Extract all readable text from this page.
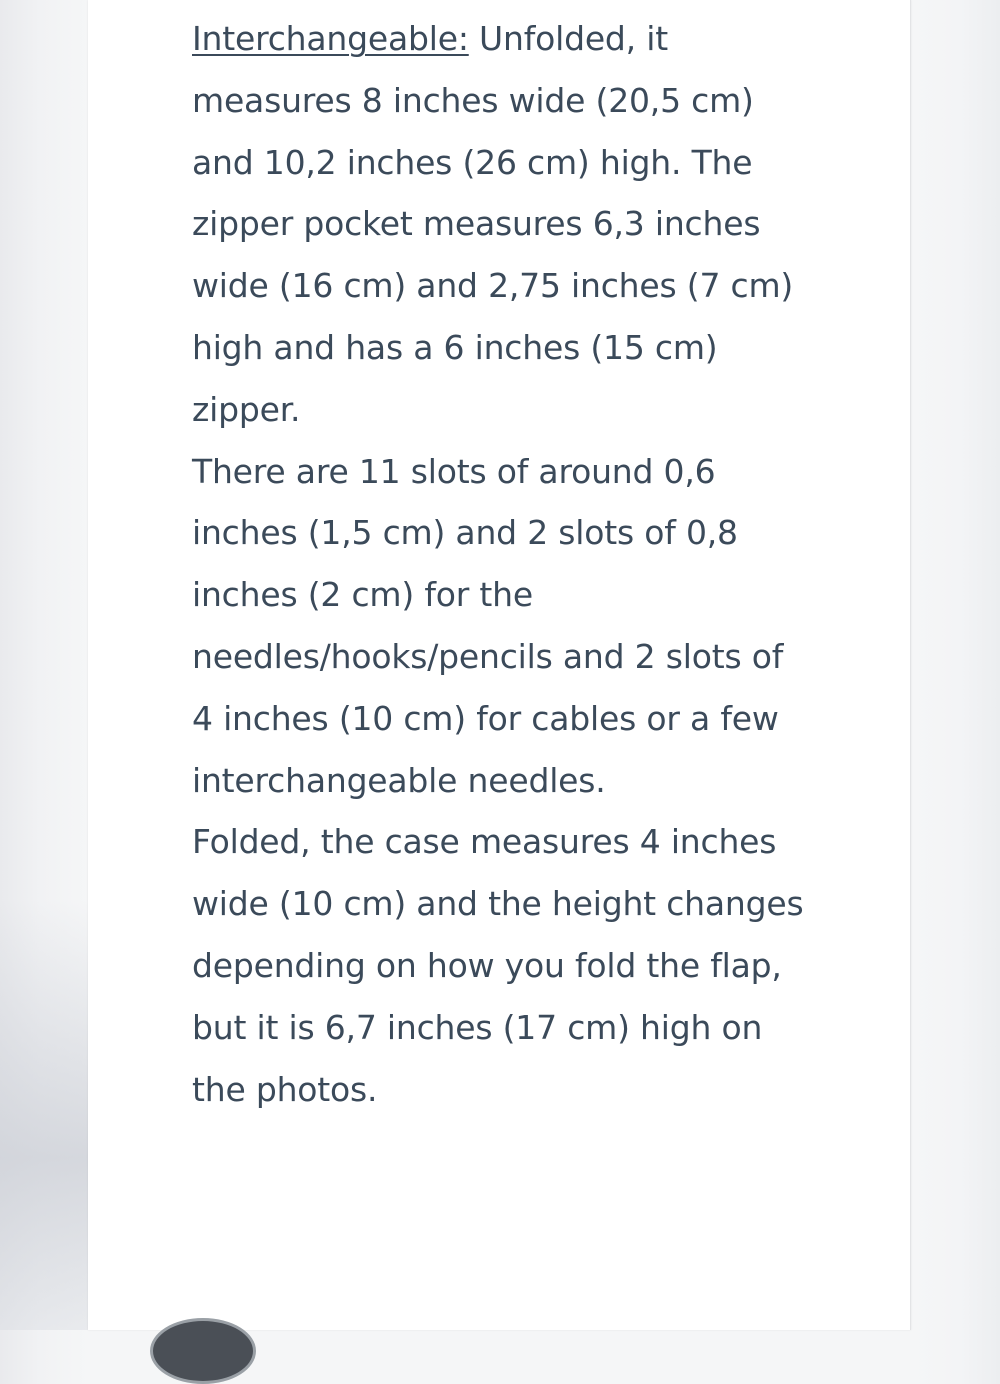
Interchangeable: Unfolded, it measures 8 inches wide (20,5 cm) and 10,2 inches (26 cm) high. The zipper pocket measures 6,3 inches wide (16 cm) and 2,75 inches (7 cm) high and has a 6 inches (15 cm) zipper.

There are 11 slots of around 0,6 inches (1,5 cm) and 2 slots of 0,8 inches (2 cm) for the needles/hooks/pencils and 2 slots of 4 inches (10 cm) for cables or a few interchangeable needles.

Folded, the case measures 4 inches wide (10 cm) and the height changes depending on how you fold the flap, but it is 6,7 inches (17 cm) high on the photos.
